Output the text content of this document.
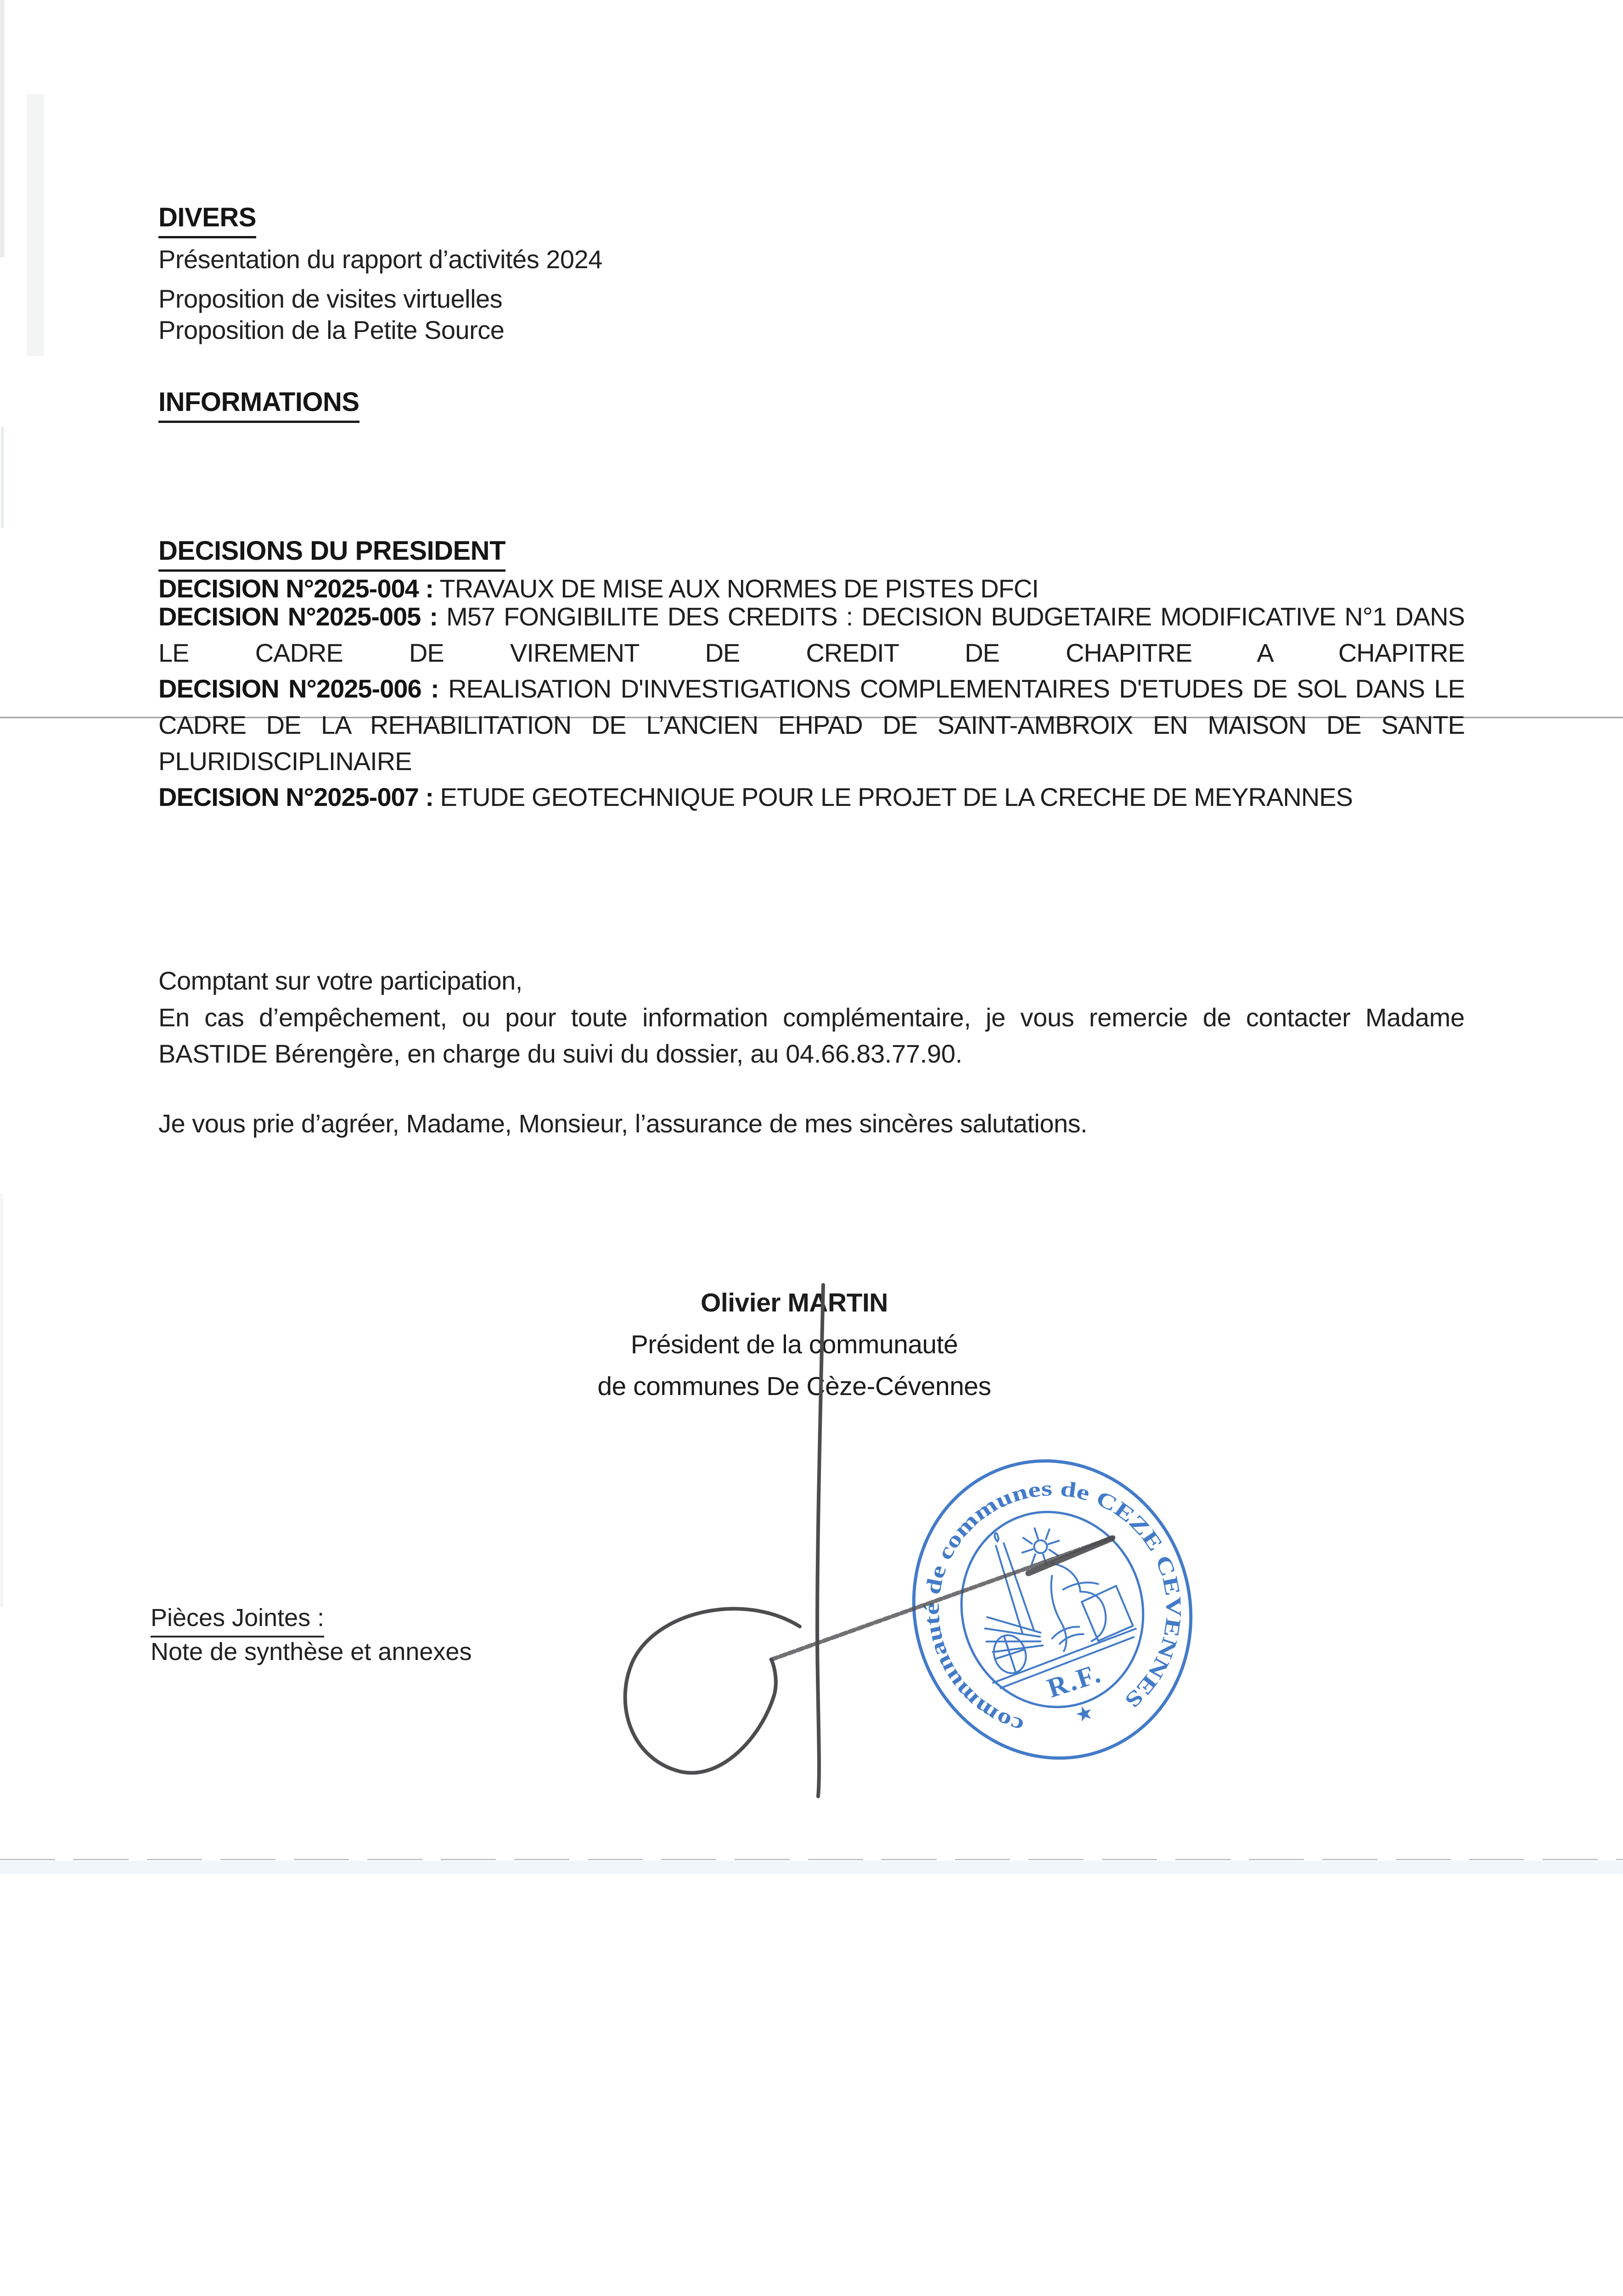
DIVERS
Présentation du rapport d’activités 2024
Proposition de visites virtuelles
Proposition de la Petite Source
INFORMATIONS
DECISIONS DU PRESIDENT

DECISION N°2025-004 : TRAVAUX DE MISE AUX NORMES DE PISTES DFCI

DECISION N°2025-005 : M57 FONGIBILITE DES CREDITS : DECISION BUDGETAIRE MODIFICATIVE N°1 DANS LE CADRE DE VIREMENT DE CREDIT DE CHAPITRE A CHAPITRE

DECISION N°2025-006 : REALISATION D'INVESTIGATIONS COMPLEMENTAIRES D'ETUDES DE SOL DANS LE CADRE DE LA REHABILITATION DE L’ANCIEN EHPAD DE SAINT-AMBROIX EN MAISON DE SANTE PLURIDISCIPLINAIRE

DECISION N°2025-007 : ETUDE GEOTECHNIQUE POUR LE PROJET DE LA CRECHE DE MEYRANNES

Comptant sur votre participation,

En cas d’empêchement, ou pour toute information complémentaire, je vous remercie de contacter Madame BASTIDE Bérengère, en charge du suivi du dossier, au 04.66.83.77.90.

Je vous prie d’agréer, Madame, Monsieur, l’assurance de mes sincères salutations.
Olivier MARTIN
Président de la communauté
de communes De Cèze-Cévennes
Pièces Jointes :
Note de synthèse et annexes
communauté de communes de CEZE CEVENNES
R.F.
★
